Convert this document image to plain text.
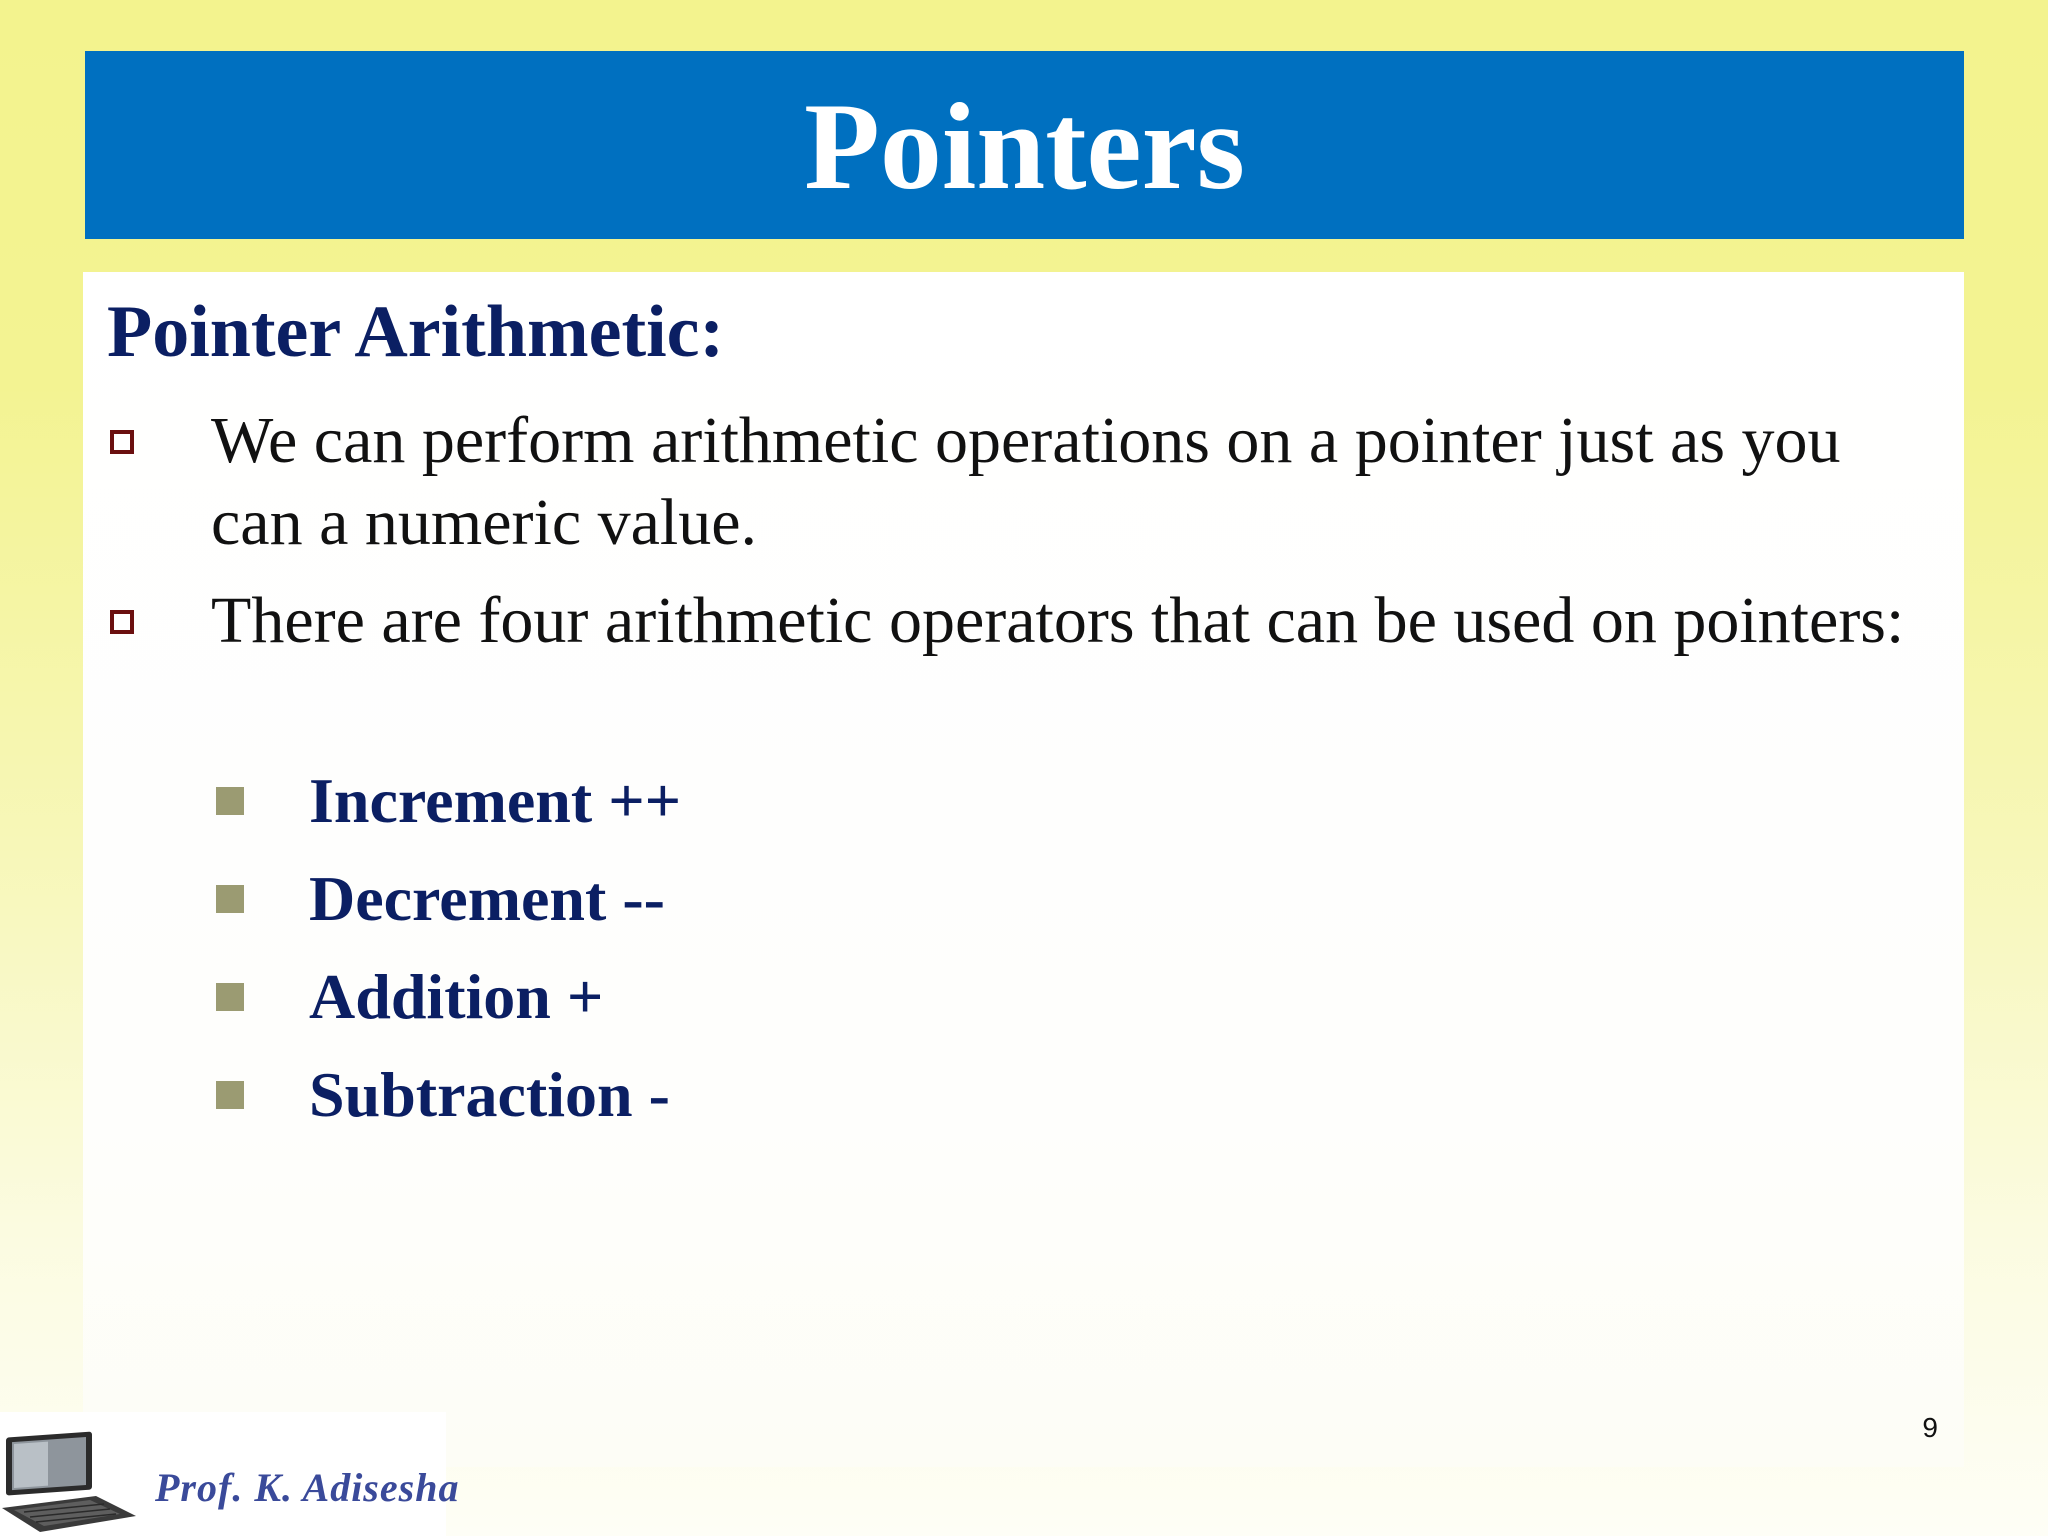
Pointers
Pointer Arithmetic:
We can perform arithmetic operations on a pointer just as you can a numeric value.
There are four arithmetic operators that can be used on pointers:
Increment ++
Decrement --
Addition +
Subtraction -
9
Prof. K. Adisesha
